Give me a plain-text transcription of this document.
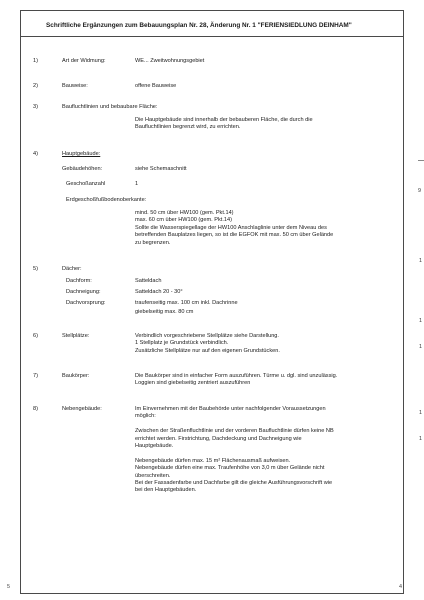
Schriftliche Ergänzungen zum Bebauungsplan Nr. 28, Änderung Nr. 1 "FERIENSIEDLUNG DEINHAM"
1)	Art der Widmung:	WE... Zweitwohnungsgebiet
2)	Bauweise:	offene Bauweise
3)	Baufluchtlinien und bebaubare Fläche:
Die Hauptgebäude sind innerhalb der bebauberen Fläche, die durch die
Baufluchtlinien begrenzt wird, zu errichten.
4)	Hauptgebäude:
Gebäudehöhen:	siehe Schemaschnitt
Geschoßanzahl	1
Erdgeschoßfußbodenoberkante:
mind. 50 cm über HW100 (gem. Pkt.14)
max. 60 cm über HW100 (gem. Pkt.14)
Sollte die Wasserspiegellage der HW100 Anschlaglinie unter dem Niveau des
betreffenden Bauplatzes liegen, so ist die EGFOK mit max. 50 cm über Gelände
zu begrenzen.
5)	Dächer:
Dachform:	Satteldach
Dachneigung:	Satteldach 20 - 30°
Dachvorsprung:	traufenseitig max. 100 cm inkl. Dachrinne
giebelseitig max. 80 cm
6)	Stellplätze:	Verbindlich vorgeschriebene Stellplätze siehe Darstellung.
1 Stellplatz je Grundstück verbindlich.
Zusätzliche Stellplätze nur auf den eigenen Grundstücken.
7)	Baukörper:	Die Baukörper sind in einfacher Form auszuführen. Türme u. dgl. sind unzulässig.
Loggien sind giebelseitig zentriert auszuführen
8)	Nebengebäude:	Im Einvernehmen mit der Baubehörde unter nachfolgender Voraussetzungen
möglich:
Zwischen der Straßenfluchtlinie und der vorderen Baufluchtlinie dürfen keine NB
errichtet werden. Firstrichtung, Dachdeckung und Dachneigung wie
Hauptgebäude.
Nebengebäude dürfen max. 15 m² Flächenausmaß aufweisen.
Nebengebäude dürfen eine max. Traufenhöhe von 3,0 m über Gelände nicht
überschreiten.
Bei der Fassadenfarbe und Dachfarbe gilt die gleiche Ausführungsvorschrift wie
bei den Hauptgebäuden.
9
1
1
1
1
1
5	4
